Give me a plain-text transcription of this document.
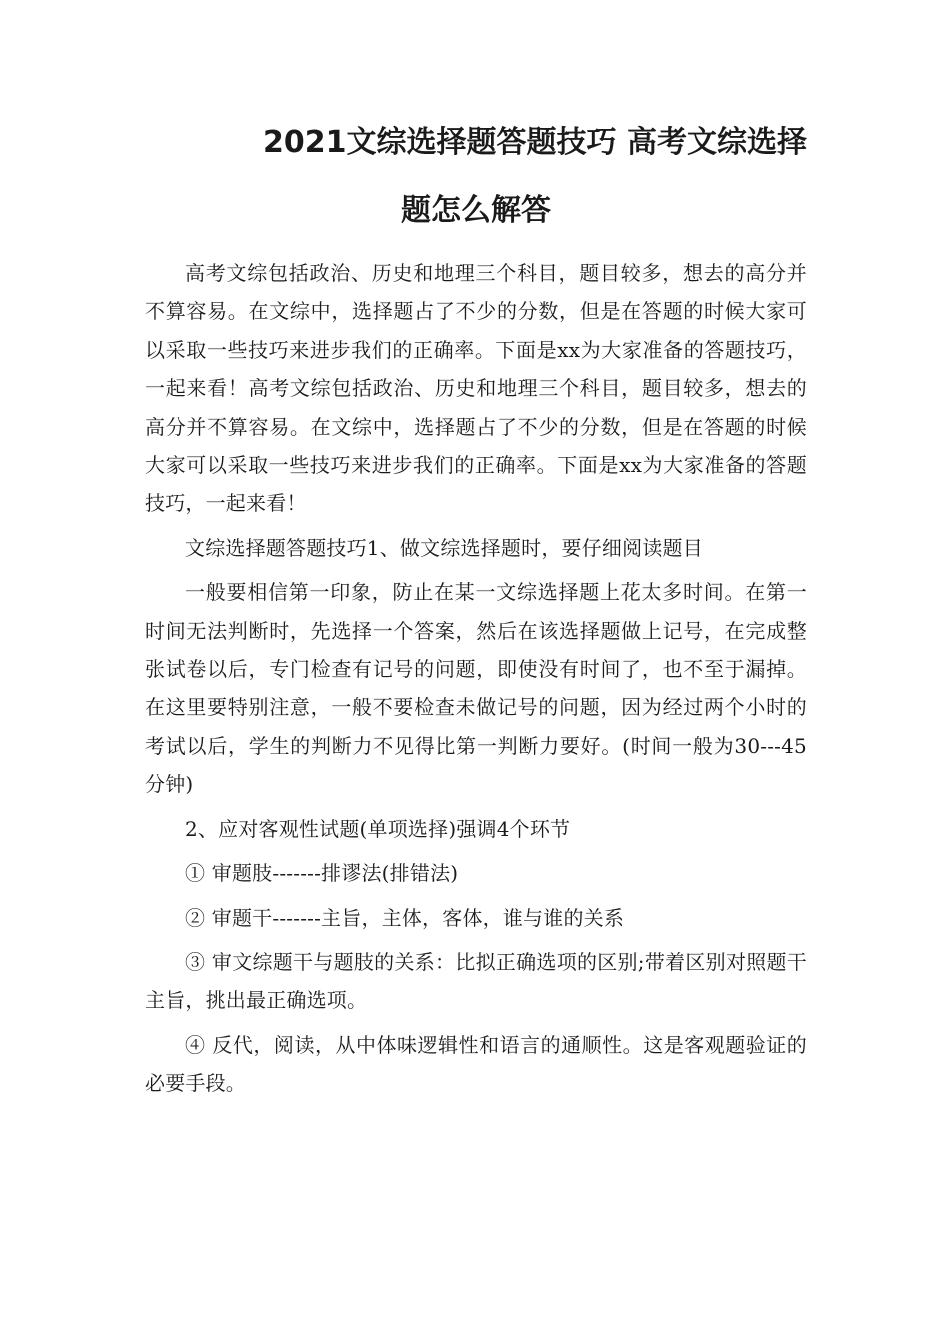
2021文综选择题答题技巧 高考文综选择
题怎么解答

高考文综包括政治、历史和地理三个科目，题目较多，想去的高分并不算容易。在文综中，选择题占了不少的分数，但是在答题的时候大家可以采取一些技巧来进步我们的正确率。下面是xx为大家准备的答题技巧，一起来看！高考文综包括政治、历史和地理三个科目，题目较多，想去的高分并不算容易。在文综中，选择题占了不少的分数，但是在答题的时候大家可以采取一些技巧来进步我们的正确率。下面是xx为大家准备的答题技巧，一起来看！

文综选择题答题技巧1、做文综选择题时，要仔细阅读题目

一般要相信第一印象，防止在某一文综选择题上花太多时间。在第一时间无法判断时，先选择一个答案，然后在该选择题做上记号，在完成整张试卷以后，专门检查有记号的问题，即使没有时间了，也不至于漏掉。在这里要特别注意，一般不要检查未做记号的问题，因为经过两个小时的考试以后，学生的判断力不见得比第一判断力要好。(时间一般为30---45分钟)

2、应对客观性试题(单项选择)强调4个环节

① 审题肢-------排谬法(排错法)

② 审题干-------主旨，主体，客体，谁与谁的关系

③ 审文综题干与题肢的关系：比拟正确选项的区别;带着区别对照题干主旨，挑出最正确选项。

④ 反代，阅读，从中体味逻辑性和语言的通顺性。这是客观题验证的必要手段。
